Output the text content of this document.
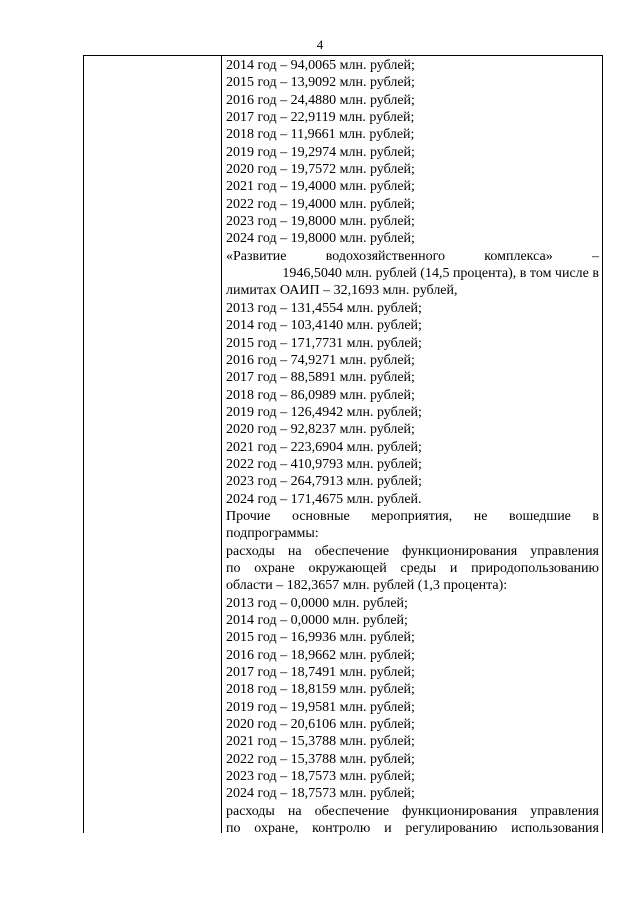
4
2014 год – 94,0065 млн. рублей;
2015 год – 13,9092 млн. рублей;
2016 год – 24,4880 млн. рублей;
2017 год – 22,9119 млн. рублей;
2018 год – 11,9661 млн. рублей;
2019 год – 19,2974 млн. рублей;
2020 год – 19,7572 млн. рублей;
2021 год – 19,4000 млн. рублей;
2022 год – 19,4000 млн. рублей;
2023 год – 19,8000 млн. рублей;
2024 год – 19,8000 млн. рублей;
«Развитие водохозяйственного комплекса» –
1946,5040 млн. рублей (14,5 процента), в том числе в
лимитах ОАИП – 32,1693 млн. рублей,
2013 год – 131,4554 млн. рублей;
2014 год – 103,4140 млн. рублей;
2015 год – 171,7731 млн. рублей;
2016 год – 74,9271 млн. рублей;
2017 год – 88,5891 млн. рублей;
2018 год – 86,0989 млн. рублей;
2019 год – 126,4942 млн. рублей;
2020 год – 92,8237 млн. рублей;
2021 год – 223,6904 млн. рублей;
2022 год – 410,9793 млн. рублей;
2023 год – 264,7913 млн. рублей;
2024 год – 171,4675 млн. рублей.
Прочие основные мероприятия, не вошедшие в
подпрограммы:
расходы на обеспечение функционирования управления
по охране окружающей среды и природопользованию
области – 182,3657 млн. рублей (1,3 процента):
2013 год – 0,0000 млн. рублей;
2014 год – 0,0000 млн. рублей;
2015 год – 16,9936 млн. рублей;
2016 год – 18,9662 млн. рублей;
2017 год – 18,7491 млн. рублей;
2018 год – 18,8159 млн. рублей;
2019 год – 19,9581 млн. рублей;
2020 год – 20,6106 млн. рублей;
2021 год – 15,3788 млн. рублей;
2022 год – 15,3788 млн. рублей;
2023 год – 18,7573 млн. рублей;
2024 год – 18,7573 млн. рублей;
расходы на обеспечение функционирования управления
по охране, контролю и регулированию использования
